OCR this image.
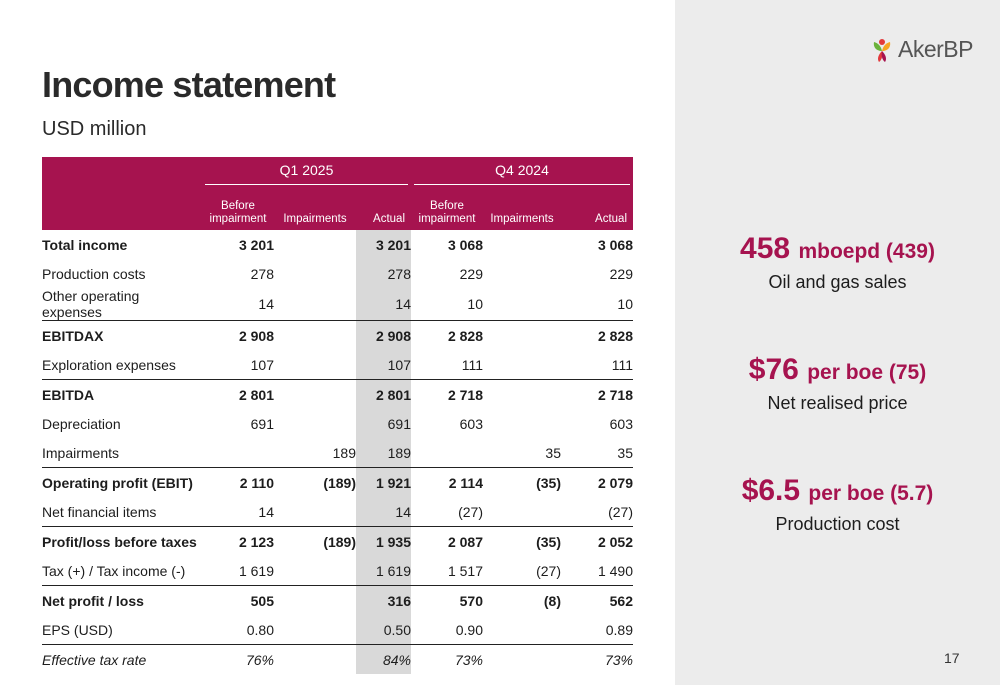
AkerBP
Income statement
USD million

	Q1 2025			Q4 2024		

	Before impairment	Impairments	Actual	Before impairment	Impairments	Actual
Total income	3 201		3 201	3 068		3 068
Production costs	278		278	229		229
Other operating expenses	14		14	10		10
EBITDAX	2 908		2 908	2 828		2 828
Exploration expenses	107		107	111		111
EBITDA	2 801		2 801	2 718		2 718
Depreciation	691		691	603		603
Impairments		189	189		35	35
Operating profit (EBIT)	2 110	(189)	1 921	2 114	(35)	2 079
Net financial items	14		14	(27)		(27)
Profit/loss before taxes	2 123	(189)	1 935	2 087	(35)	2 052
Tax (+) / Tax income (-)	1 619		1 619	1 517	(27)	1 490
Net profit / loss	505		316	570	(8)	562
EPS (USD)	0.80		0.50	0.90		0.89
Effective tax rate	76%		84%	73%		73%
458 mboepd (439)
Oil and gas sales
$76 per boe (75)
Net realised price
$6.5 per boe (5.7)
Production cost
17
